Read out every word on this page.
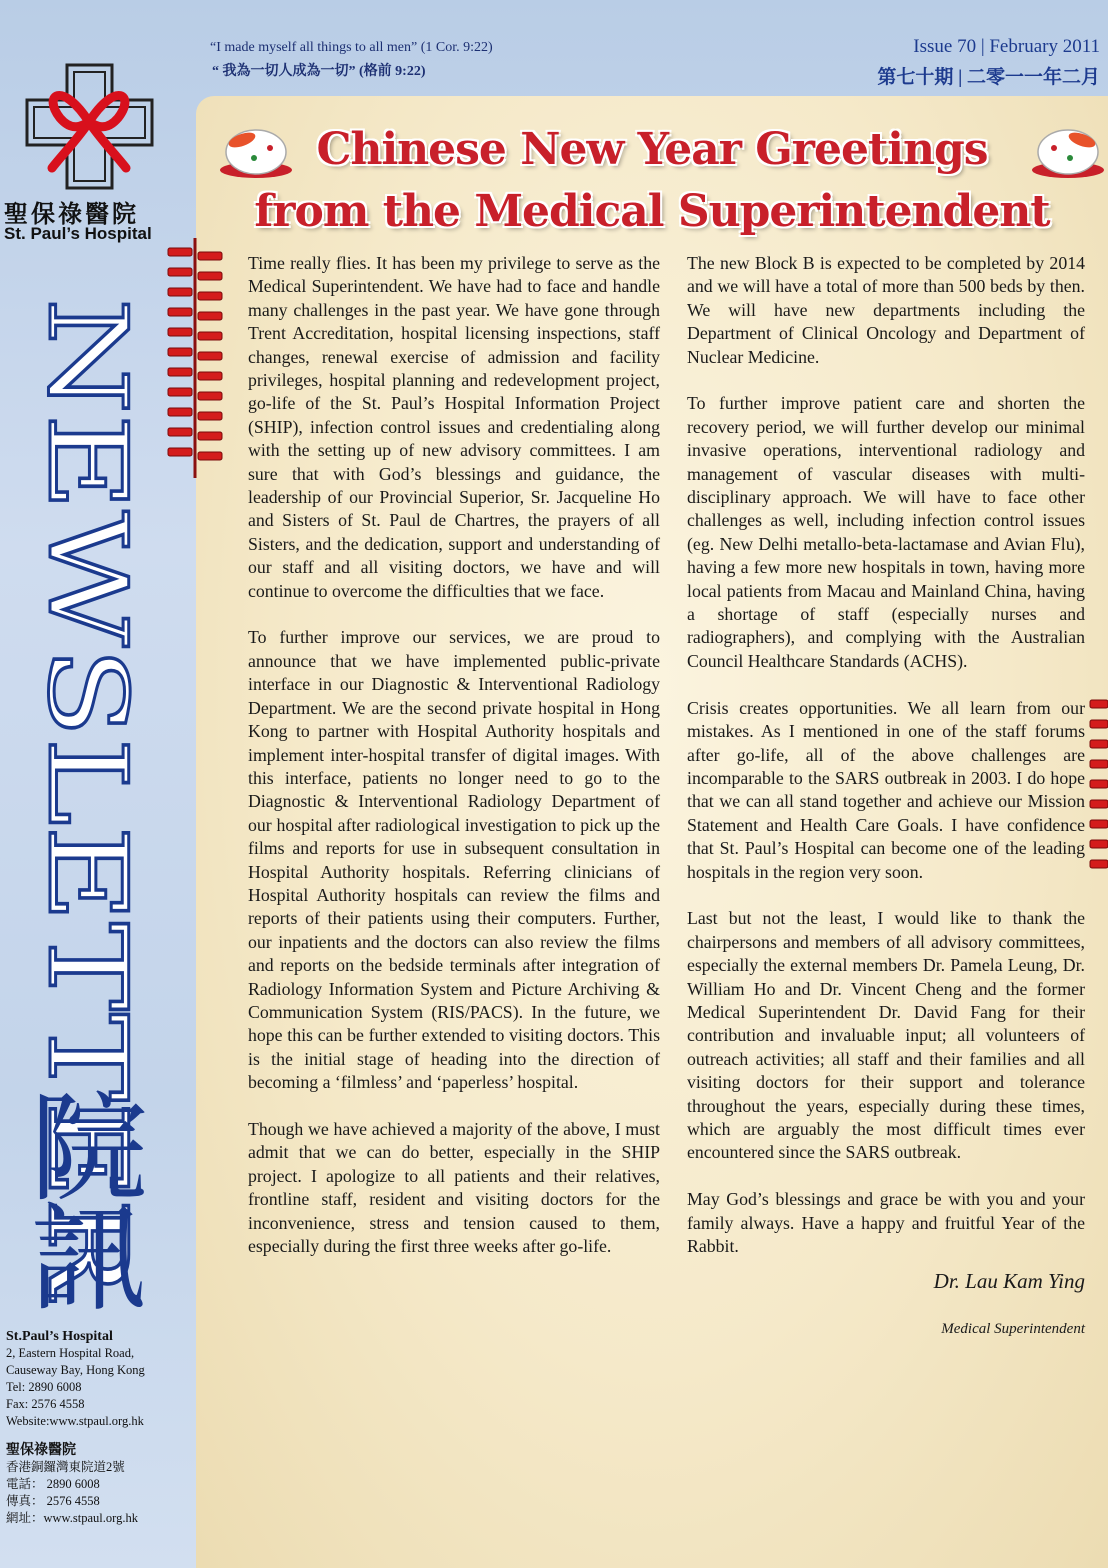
聖保祿醫院
St. Paul’s Hospital
NEWSLETTER
院
訊
St.Paul’s Hospital
2, Eastern Hospital Road,
Causeway Bay, Hong Kong
Tel: 2890 6008
Fax: 2576 4558
Website:www.stpaul.org.hk
聖保祿醫院
香港銅鑼灣東院道2號
電話： 2890 6008
傳真： 2576 4558
網址：www.stpaul.org.hk
“I made myself all things to all men” (1 Cor. 9:22)
“ 我為一切人成為一切” (格前 9:22)
Issue 70 | February 2011
第七十期 | 二零一一年二月
Chinese New Year Greetings
from the Medical Superintendent

Time really flies. It has been my privilege to serve as the Medical Superintendent. We have had to face and handle many challenges in the past year. We have gone through Trent Accreditation, hospital licensing inspections, staff changes, renewal exercise of admission and facility privileges, hospital planning and redevelopment project, go-life of the St. Paul’s Hospital Information Project (SHIP), infection control issues and credentialing along with the setting up of new advisory committees. I am sure that with God’s blessings and guidance, the leadership of our Provincial Superior, Sr. Jacqueline Ho and Sisters of St. Paul de Chartres, the prayers of all Sisters, and the dedication, support and understanding of our staff and all visiting doctors, we have and will continue to overcome the difficulties that we face.

To further improve our services, we are proud to announce that we have implemented public-private interface in our Diagnostic & Interventional Radiology Department. We are the second private hospital in Hong Kong to partner with Hospital Authority hospitals and implement inter-hospital transfer of digital images. With this interface, patients no longer need to go to the Diagnostic & Interventional Radiology Department of our hospital after radiological investigation to pick up the films and reports for use in subsequent consultation in Hospital Authority hospitals. Referring clinicians of Hospital Authority hospitals can review the films and reports of their patients using their computers. Further, our inpatients and the doctors can also review the films and reports on the bedside terminals after integration of Radiology Information System and Picture Archiving & Communication System (RIS/PACS). In the future, we hope this can be further extended to visiting doctors. This is the initial stage of heading into the direction of becoming a ‘filmless’ and ‘paperless’ hospital.

Though we have achieved a majority of the above, I must admit that we can do better, especially in the SHIP project. I apologize to all patients and their relatives, frontline staff, resident and visiting doctors for the inconvenience, stress and tension caused to them, especially during the first three weeks after go-life.

The new Block B is expected to be completed by 2014 and we will have a total of more than 500 beds by then. We will have new departments including the Department of Clinical Oncology and Department of Nuclear Medicine.

To further improve patient care and shorten the recovery period, we will further develop our minimal invasive operations, interventional radiology and management of vascular diseases with multi-disciplinary approach. We will have to face other challenges as well, including infection control issues (eg. New Delhi metallo-beta-lactamase and Avian Flu), having a few more new hospitals in town, having more local patients from Macau and Mainland China, having a shortage of staff (especially nurses and radiographers), and complying with the Australian Council Healthcare Standards (ACHS).

Crisis creates opportunities. We all learn from our mistakes. As I mentioned in one of the staff forums after go-life, all of the above challenges are incomparable to the SARS outbreak in 2003. I do hope that we can all stand together and achieve our Mission Statement and Health Care Goals. I have confidence that St. Paul’s Hospital can become one of the leading hospitals in the region very soon.

Last but not the least, I would like to thank the chairpersons and members of all advisory committees, especially the external members Dr. Pamela Leung, Dr. William Ho and Dr. Vincent Cheng and the former Medical Superintendent Dr. David Fang for their contribution and invaluable input; all volunteers of outreach activities; all staff and their families and all visiting doctors for their support and tolerance throughout the years, especially during these times, which are arguably the most difficult times ever encountered since the SARS outbreak.

May God’s blessings and grace be with you and your family always. Have a happy and fruitful Year of the Rabbit.

Dr. Lau Kam Ying

Medical Superintendent
